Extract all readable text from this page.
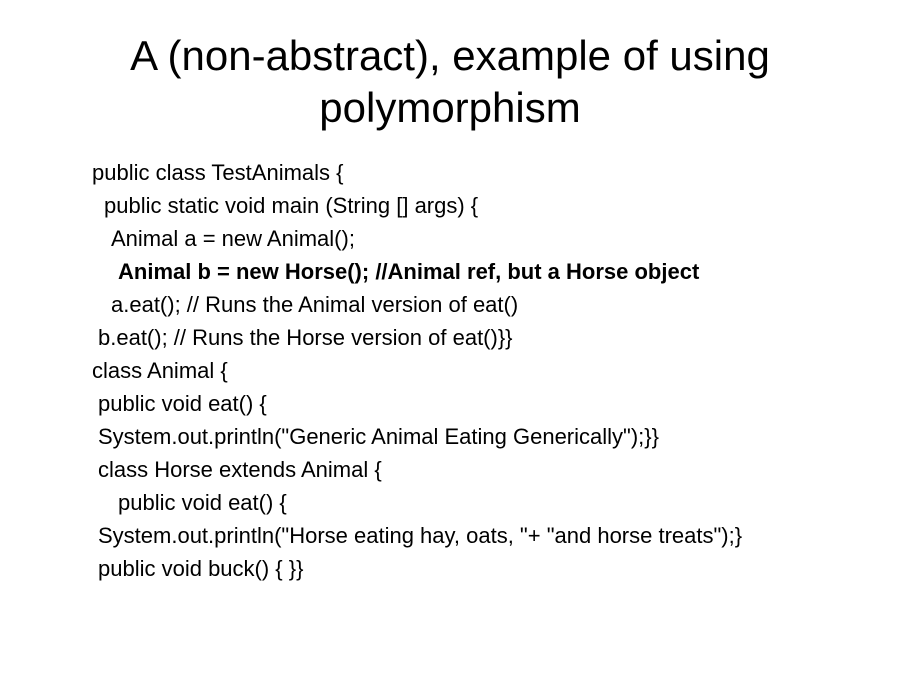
A (non-abstract), example of using
polymorphism
public class TestAnimals {
public static void main (String [] args) {
Animal a = new Animal();
Animal b = new Horse(); //Animal ref, but a Horse object
a.eat(); // Runs the Animal version of eat()
b.eat(); // Runs the Horse version of eat()}}
class Animal {
public void eat() {
System.out.println("Generic Animal Eating Generically");}}
class Horse extends Animal {
public void eat() {
System.out.println("Horse eating hay, oats, "+ "and horse treats");}
public void buck() { }}
